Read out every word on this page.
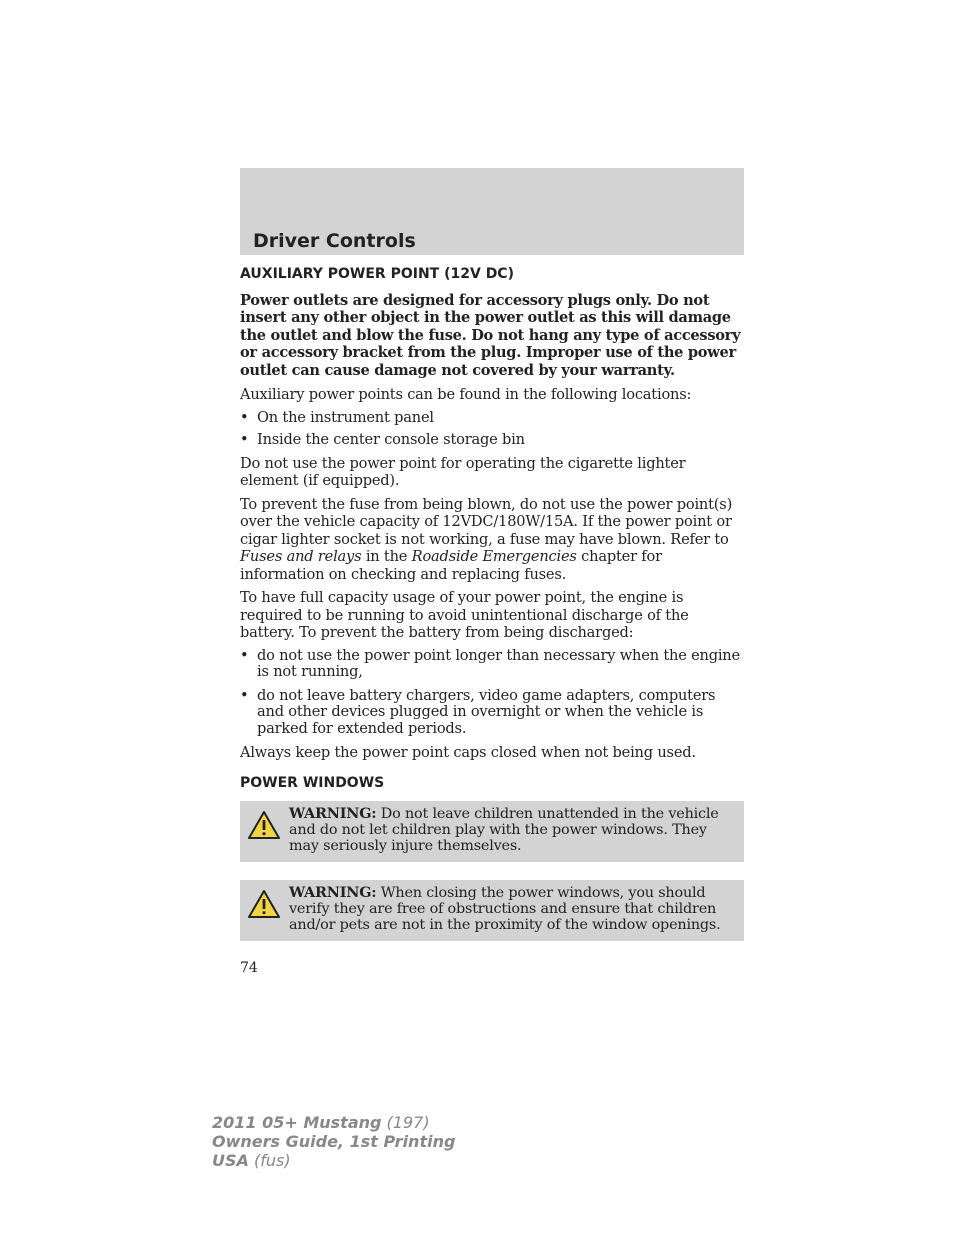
Driver Controls
AUXILIARY POWER POINT (12V DC)

Power outlets are designed for accessory plugs only. Do not insert any other object in the power outlet as this will damage the outlet and blow the fuse. Do not hang any type of accessory or accessory bracket from the plug. Improper use of the power outlet can cause damage not covered by your warranty.

Auxiliary power points can be found in the following locations:

• On the instrument panel
• Inside the center console storage bin

Do not use the power point for operating the cigarette lighter element (if equipped).

To prevent the fuse from being blown, do not use the power point(s) over the vehicle capacity of 12VDC/180W/15A. If the power point or cigar lighter socket is not working, a fuse may have blown. Refer to Fuses and relays in the Roadside Emergencies chapter for information on checking and replacing fuses.

To have full capacity usage of your power point, the engine is required to be running to avoid unintentional discharge of the battery. To prevent the battery from being discharged:

• do not use the power point longer than necessary when the engine is not running,
• do not leave battery chargers, video game adapters, computers and other devices plugged in overnight or when the vehicle is parked for extended periods.

Always keep the power point caps closed when not being used.

POWER WINDOWS
WARNING: Do not leave children unattended in the vehicle and do not let children play with the power windows. They may seriously injure themselves.
WARNING: When closing the power windows, you should verify they are free of obstructions and ensure that children and/or pets are not in the proximity of the window openings.
74
2011 05+ Mustang (197)
Owners Guide, 1st Printing
USA (fus)
